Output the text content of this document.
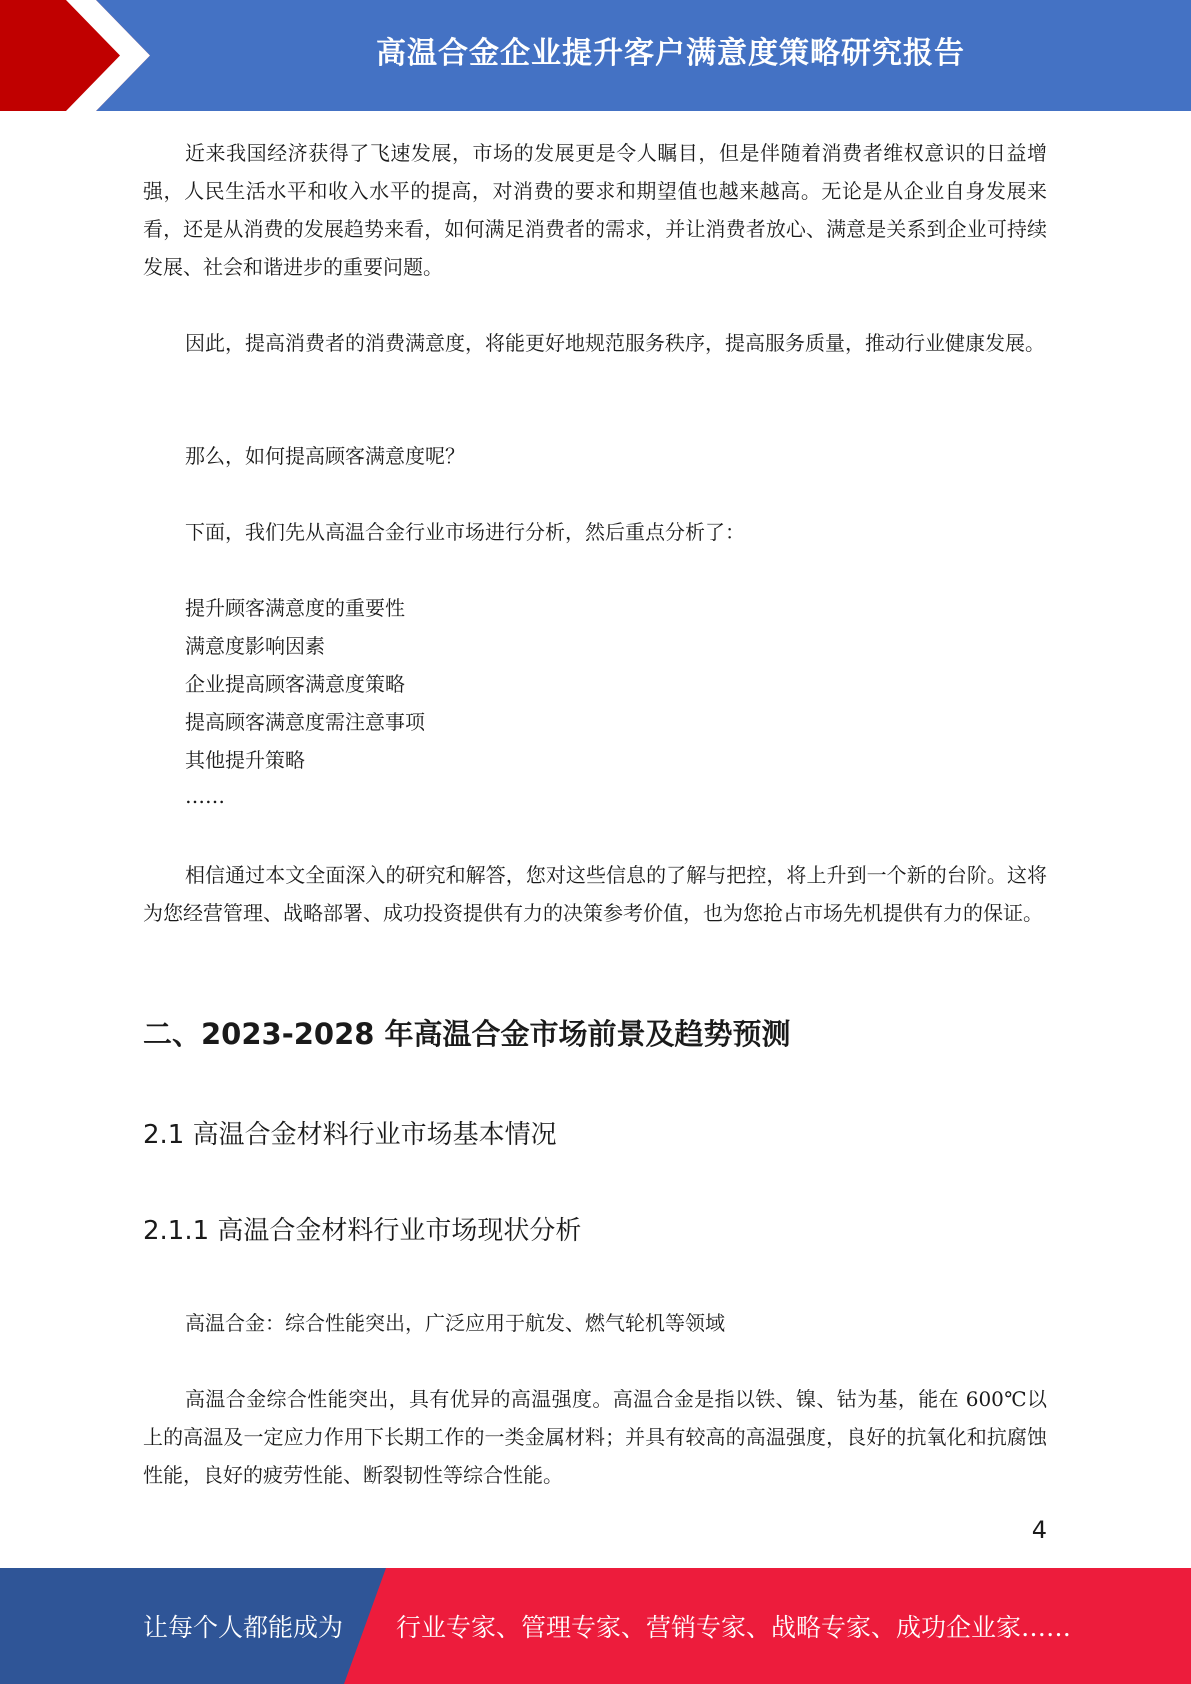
高温合金企业提升客户满意度策略研究报告

近来我国经济获得了飞速发展，市场的发展更是令人瞩目，但是伴随着消费者维权意识的日益增强，人民生活水平和收入水平的提高，对消费的要求和期望值也越来越高。无论是从企业自身发展来看，还是从消费的发展趋势来看，如何满足消费者的需求，并让消费者放心、满意是关系到企业可持续发展、社会和谐进步的重要问题。

因此，提高消费者的消费满意度，将能更好地规范服务秩序，提高服务质量，推动行业健康发展。

那么，如何提高顾客满意度呢？

下面，我们先从高温合金行业市场进行分析，然后重点分析了：

提升顾客满意度的重要性

满意度影响因素

企业提高顾客满意度策略

提高顾客满意度需注意事项

其他提升策略

……

相信通过本文全面深入的研究和解答，您对这些信息的了解与把控，将上升到一个新的台阶。这将为您经营管理、战略部署、成功投资提供有力的决策参考价值，也为您抢占市场先机提供有力的保证。

二、2023-2028 年高温合金市场前景及趋势预测
2.1 高温合金材料行业市场基本情况
2.1.1 高温合金材料行业市场现状分析

高温合金：综合性能突出，广泛应用于航发、燃气轮机等领域

高温合金综合性能突出，具有优异的高温强度。高温合金是指以铁、镍、钴为基，能在 600℃以上的高温及一定应力作用下长期工作的一类金属材料；并具有较高的高温强度，良好的抗氧化和抗腐蚀性能，良好的疲劳性能、断裂韧性等综合性能。

4
让每个人都能成为 行业专家、管理专家、营销专家、战略专家、成功企业家……
